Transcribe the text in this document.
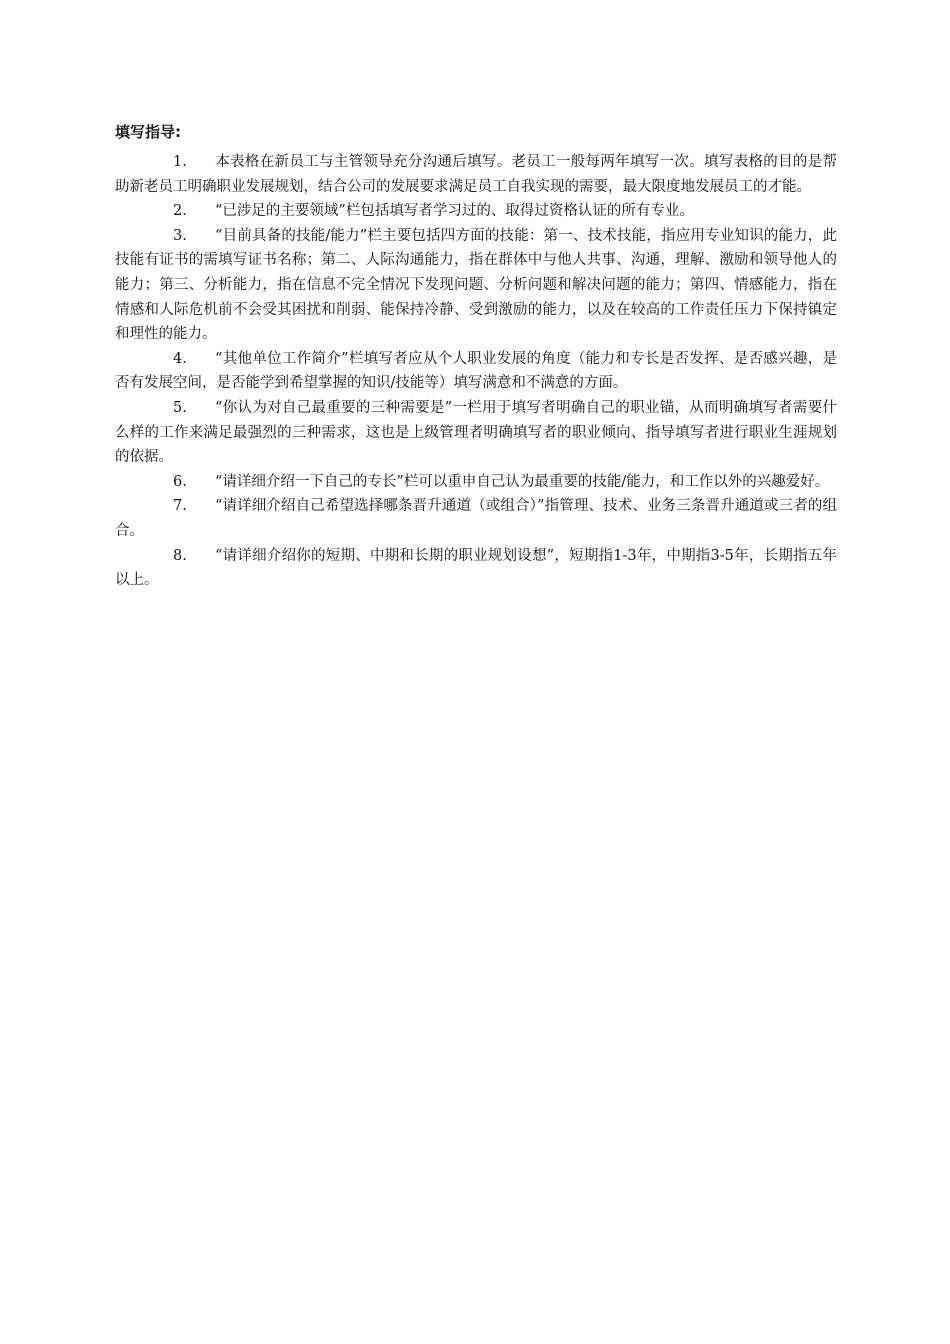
填写指导:

1. 本表格在新员工与主管领导充分沟通后填写。老员工一般每两年填写一次。填写表格的目的是帮助新老员工明确职业发展规划，结合公司的发展要求满足员工自我实现的需要，最大限度地发展员工的才能。

2. “已涉足的主要领域”栏包括填写者学习过的、取得过资格认证的所有专业。

3. “目前具备的技能/能力”栏主要包括四方面的技能：第一、技术技能，指应用专业知识的能力，此技能有证书的需填写证书名称；第二、人际沟通能力，指在群体中与他人共事、沟通，理解、激励和领导他人的能力；第三、分析能力，指在信息不完全情况下发现问题、分析问题和解决问题的能力；第四、情感能力，指在情感和人际危机前不会受其困扰和削弱、能保持冷静、受到激励的能力，以及在较高的工作责任压力下保持镇定和理性的能力。

4. “其他单位工作简介”栏填写者应从个人职业发展的角度（能力和专长是否发挥、是否感兴趣，是否有发展空间，是否能学到希望掌握的知识/技能等）填写满意和不满意的方面。

5. “你认为对自己最重要的三种需要是”一栏用于填写者明确自己的职业锚，从而明确填写者需要什么样的工作来满足最强烈的三种需求，这也是上级管理者明确填写者的职业倾向、指导填写者进行职业生涯规划的依据。

6. “请详细介绍一下自己的专长”栏可以重申自己认为最重要的技能/能力，和工作以外的兴趣爱好。

7. “请详细介绍自己希望选择哪条晋升通道（或组合）”指管理、技术、业务三条晋升通道或三者的组合。

8. “请详细介绍你的短期、中期和长期的职业规划设想”，短期指1-3年，中期指3-5年，长期指五年以上。
